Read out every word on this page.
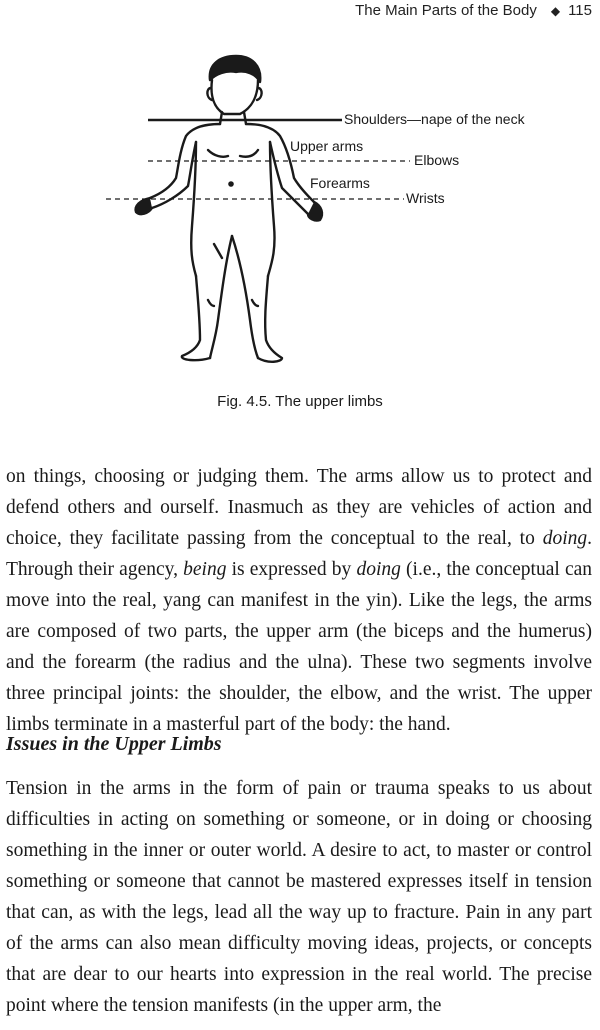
The Main Parts of the Body ◆ 115
Shoulders—nape of the neck
Upper arms
Elbows
Forearms
Wrists
Fig. 4.5. The upper limbs

on things, choosing or judging them. The arms allow us to protect and defend others and ourself. Inasmuch as they are vehicles of action and choice, they facilitate passing from the conceptual to the real, to doing. Through their agency, being is expressed by doing (i.e., the conceptual can move into the real, yang can manifest in the yin). Like the legs, the arms are composed of two parts, the upper arm (the biceps and the humerus) and the forearm (the radius and the ulna). These two segments involve three principal joints: the shoulder, the elbow, and the wrist. The upper limbs terminate in a masterful part of the body: the hand.

Issues in the Upper Limbs

Tension in the arms in the form of pain or trauma speaks to us about difficulties in acting on something or someone, or in doing or choosing something in the inner or outer world. A desire to act, to master or control something or someone that cannot be mastered expresses itself in tension that can, as with the legs, lead all the way up to fracture. Pain in any part of the arms can also mean difficulty moving ideas, projects, or concepts that are dear to our hearts into expression in the real world. The precise point where the tension manifests (in the upper arm, the
